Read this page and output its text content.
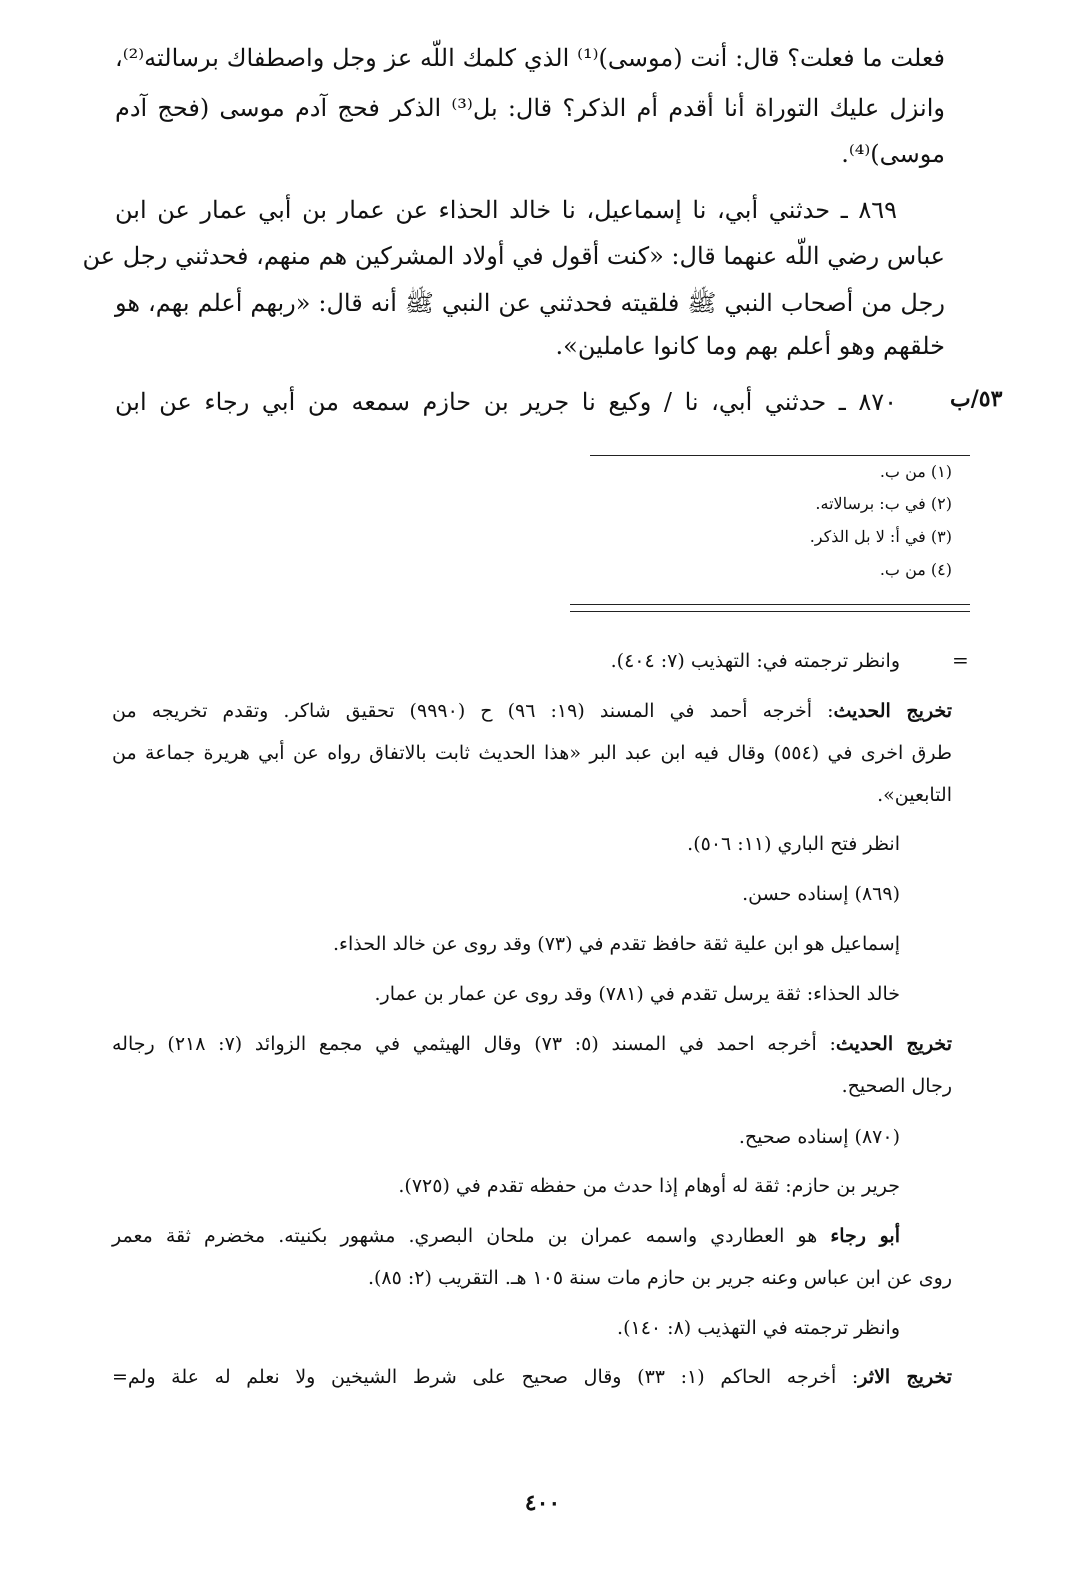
فعلت ما فعلت؟ قال: أنت (موسى)⁽¹⁾ الذي كلمك اللّه عز وجل واصطفاك برسالته⁽²⁾،

وانزل عليك التوراة أنا أقدم أم الذكر؟ قال: بل⁽³⁾ الذكر فحج آدم موسى (فحج آدم

موسى)⁽⁴⁾.

٨٦٩ ـ حدثني أبي، نا إسماعيل، نا خالد الحذاء عن عمار بن أبي عمار عن ابن

عباس رضي اللّه عنهما قال: «كنت أقول في أولاد المشركين هم منهم، فحدثني رجل عن

رجل من أصحاب النبي ﷺ فلقيته فحدثني عن النبي ﷺ أنه قال: «ربهم أعلم بهم، هو

خلقهم وهو أعلم بهم وما كانوا عاملين».

٨٧٠ ـ حدثني أبي، نا / وكيع نا جرير بن حازم سمعه من أبي رجاء عن ابن ٥٣/ب

(١) من ب.

(٢) في ب: برسالاته.

(٣) في أ: لا بل الذكر.

(٤) من ب.

=

وانظر ترجمته في: التهذيب (٧: ٤٠٤).

تخريج الحديث: أخرجه أحمد في المسند (١٩: ٩٦) ح (٩٩٩٠) تحقيق شاكر. وتقدم تخريجه من

طرق اخرى في (٥٥٤) وقال فيه ابن عبد البر «هذا الحديث ثابت بالاتفاق رواه عن أبي هريرة جماعة من

التابعين».

انظر فتح الباري (١١: ٥٠٦).

(٨٦٩) إسناده حسن.

إسماعيل هو ابن علية ثقة حافظ تقدم في (٧٣) وقد روى عن خالد الحذاء.

خالد الحذاء: ثقة يرسل تقدم في (٧٨١) وقد روى عن عمار بن عمار.

تخريج الحديث: أخرجه احمد في المسند (٥: ٧٣) وقال الهيثمي في مجمع الزوائد (٧: ٢١٨) رجاله

رجال الصحيح.

(٨٧٠) إسناده صحيح.

جرير بن حازم: ثقة له أوهام إذا حدث من حفظه تقدم في (٧٢٥).

أبو رجاء هو العطاردي واسمه عمران بن ملحان البصري. مشهور بكنيته. مخضرم ثقة معمر

روى عن ابن عباس وعنه جرير بن حازم مات سنة ١٠٥ هـ. التقريب (٢: ٨٥).

وانظر ترجمته في التهذيب (٨: ١٤٠).

تخريج الاثر: أخرجه الحاكم (١: ٣٣) وقال صحيح على شرط الشيخين ولا نعلم له علة ولم=

٤٠٠
